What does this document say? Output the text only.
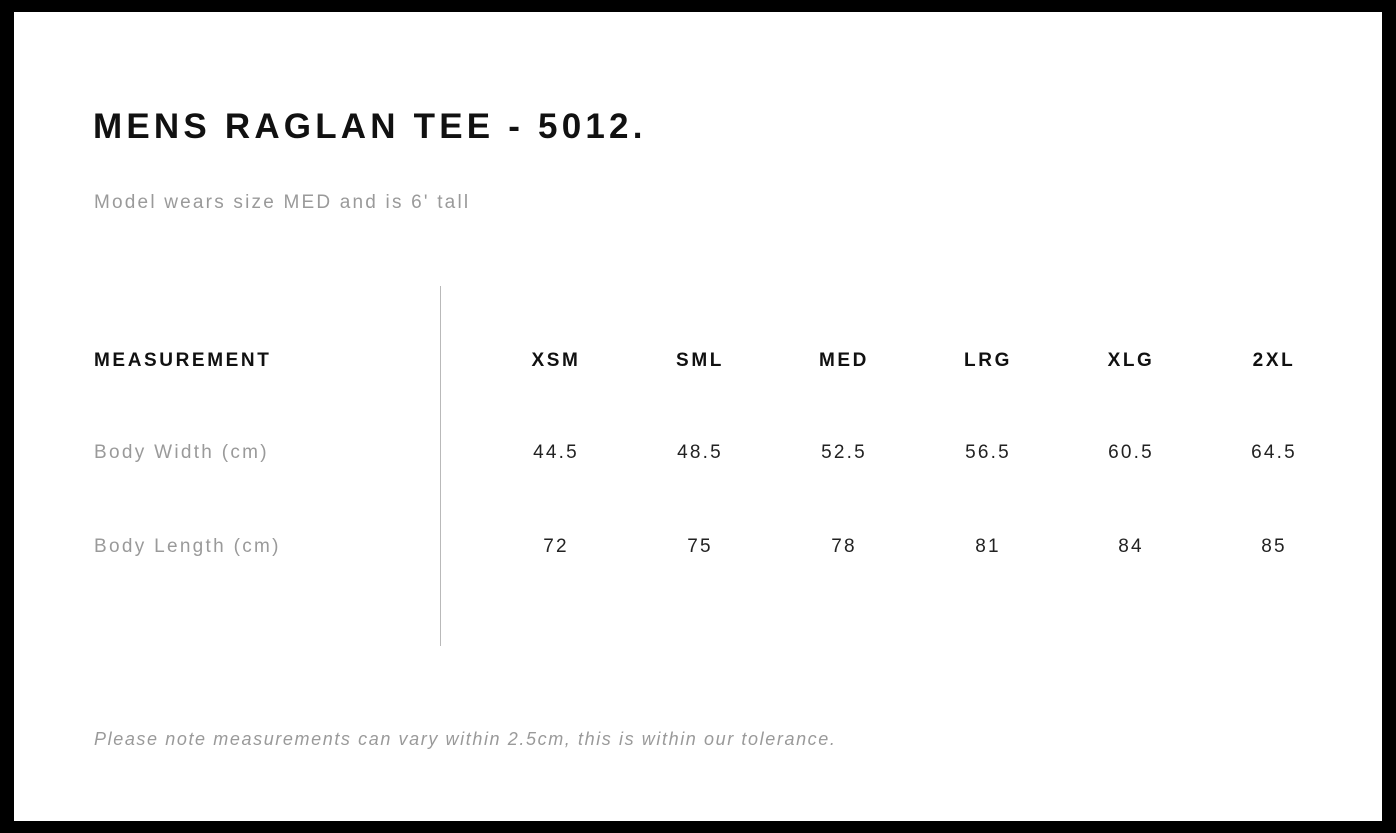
MENS RAGLAN TEE - 5012.
Model wears size MED and is 6' tall
MEASUREMENT	XSM	SML	MED	LRG	XLG	2XL
Body Width (cm)	44.5	48.5	52.5	56.5	60.5	64.5
Body Length (cm)	72	75	78	81	84	85
Please note measurements can vary within 2.5cm, this is within our tolerance.
